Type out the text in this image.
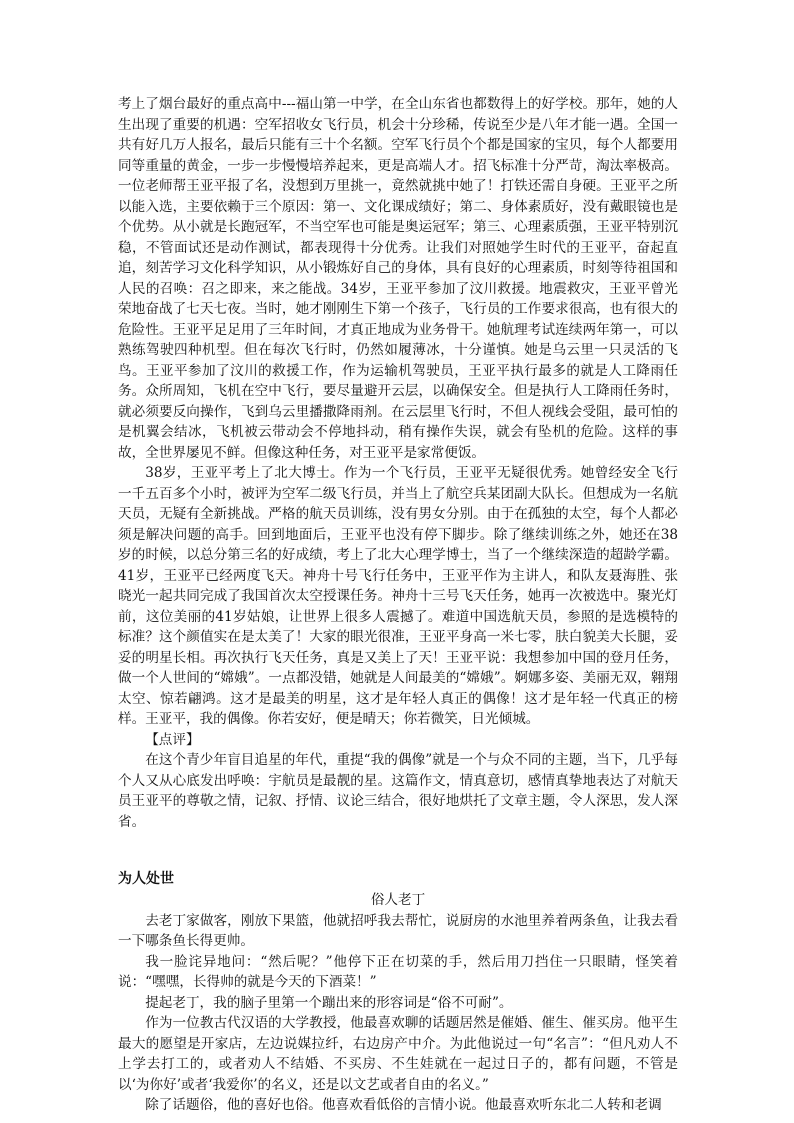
考上了烟台最好的重点高中---福山第一中学，在全山东省也都数得上的好学校。那年，她的人生出现了重要的机遇：空军招收女飞行员，机会十分珍稀，传说至少是八年才能一遇。全国一共有好几万人报名，最后只能有三十个名额。空军飞行员个个都是国家的宝贝，每个人都要用同等重量的黄金，一步一步慢慢培养起来，更是高端人才。招飞标准十分严苛，淘汰率极高。一位老师帮王亚平报了名，没想到万里挑一，竟然就挑中她了！打铁还需自身硬。王亚平之所以能入选，主要依赖于三个原因：第一、文化课成绩好；第二、身体素质好，没有戴眼镜也是个优势。从小就是长跑冠军，不当空军也可能是奥运冠军；第三、心理素质强，王亚平特别沉稳，不管面试还是动作测试，都表现得十分优秀。让我们对照她学生时代的王亚平，奋起直追，刻苦学习文化科学知识，从小锻炼好自己的身体，具有良好的心理素质，时刻等待祖国和人民的召唤：召之即来，来之能战。34岁，王亚平参加了汶川救援。地震救灾，王亚平曾光荣地奋战了七天七夜。当时，她才刚刚生下第一个孩子，飞行员的工作要求很高，也有很大的危险性。王亚平足足用了三年时间，才真正地成为业务骨干。她航理考试连续两年第一，可以熟练驾驶四种机型。但在每次飞行时，仍然如履薄冰，十分谨慎。她是乌云里一只灵活的飞鸟。王亚平参加了汶川的救援工作，作为运输机驾驶员，王亚平执行最多的就是人工降雨任务。众所周知，飞机在空中飞行，要尽量避开云层，以确保安全。但是执行人工降雨任务时，就必须要反向操作，飞到乌云里播撒降雨剂。在云层里飞行时，不但人视线会受阻，最可怕的是机翼会结冰，飞机被云带动会不停地抖动，稍有操作失误，就会有坠机的危险。这样的事故，全世界屡见不鲜。但像这种任务，对王亚平是家常便饭。

38岁，王亚平考上了北大博士。作为一个飞行员，王亚平无疑很优秀。她曾经安全飞行一千五百多个小时，被评为空军二级飞行员，并当上了航空兵某团副大队长。但想成为一名航天员，无疑有全新挑战。严格的航天员训练，没有男女分别。由于在孤独的太空，每个人都必须是解决问题的高手。回到地面后，王亚平也没有停下脚步。除了继续训练之外，她还在38岁的时候，以总分第三名的好成绩，考上了北大心理学博士，当了一个继续深造的超龄学霸。41岁，王亚平已经两度飞天。神舟十号飞行任务中，王亚平作为主讲人，和队友聂海胜、张晓光一起共同完成了我国首次太空授课任务。神舟十三号飞天任务，她再一次被选中。聚光灯前，这位美丽的41岁姑娘，让世界上很多人震撼了。难道中国选航天员，参照的是选模特的标准？这个颜值实在是太美了！大家的眼光很准，王亚平身高一米七零，肤白貌美大长腿，妥妥的明星长相。再次执行飞天任务，真是又美上了天！王亚平说：我想参加中国的登月任务，做一个人世间的“嫦娥”。一点都没错，她就是人间最美的“嫦娥”。婀娜多姿、美丽无双，翱翔太空、惊若翩鸿。这才是最美的明星，这才是年轻人真正的偶像！这才是年轻一代真正的榜样。王亚平，我的偶像。你若安好，便是晴天；你若微笑，日光倾城。

【点评】

在这个青少年盲目追星的年代，重提“我的偶像”就是一个与众不同的主题，当下，几乎每个人又从心底发出呼唤：宇航员是最靓的星。这篇作文，情真意切，感情真挚地表达了对航天员王亚平的尊敬之情，记叙、抒情、议论三结合，很好地烘托了文章主题，令人深思，发人深省。

为人处世

俗人老丁

去老丁家做客，刚放下果篮，他就招呼我去帮忙，说厨房的水池里养着两条鱼，让我去看一下哪条鱼长得更帅。

我一脸诧异地问：“然后呢？”他停下正在切菜的手，然后用刀挡住一只眼睛，怪笑着说：“嘿嘿，长得帅的就是今天的下酒菜！”

提起老丁，我的脑子里第一个蹦出来的形容词是“俗不可耐”。

作为一位教古代汉语的大学教授，他最喜欢聊的话题居然是催婚、催生、催买房。他平生最大的愿望是开家店，左边说媒拉纤，右边房产中介。为此他说过一句“名言”：“但凡劝人不上学去打工的，或者劝人不结婚、不买房、不生娃就在一起过日子的，都有问题，不管是以‘为你好’或者‘我爱你’的名义，还是以文艺或者自由的名义。”

除了话题俗，他的喜好也俗。他喜欢看低俗的言情小说。他最喜欢听东北二人转和老调
